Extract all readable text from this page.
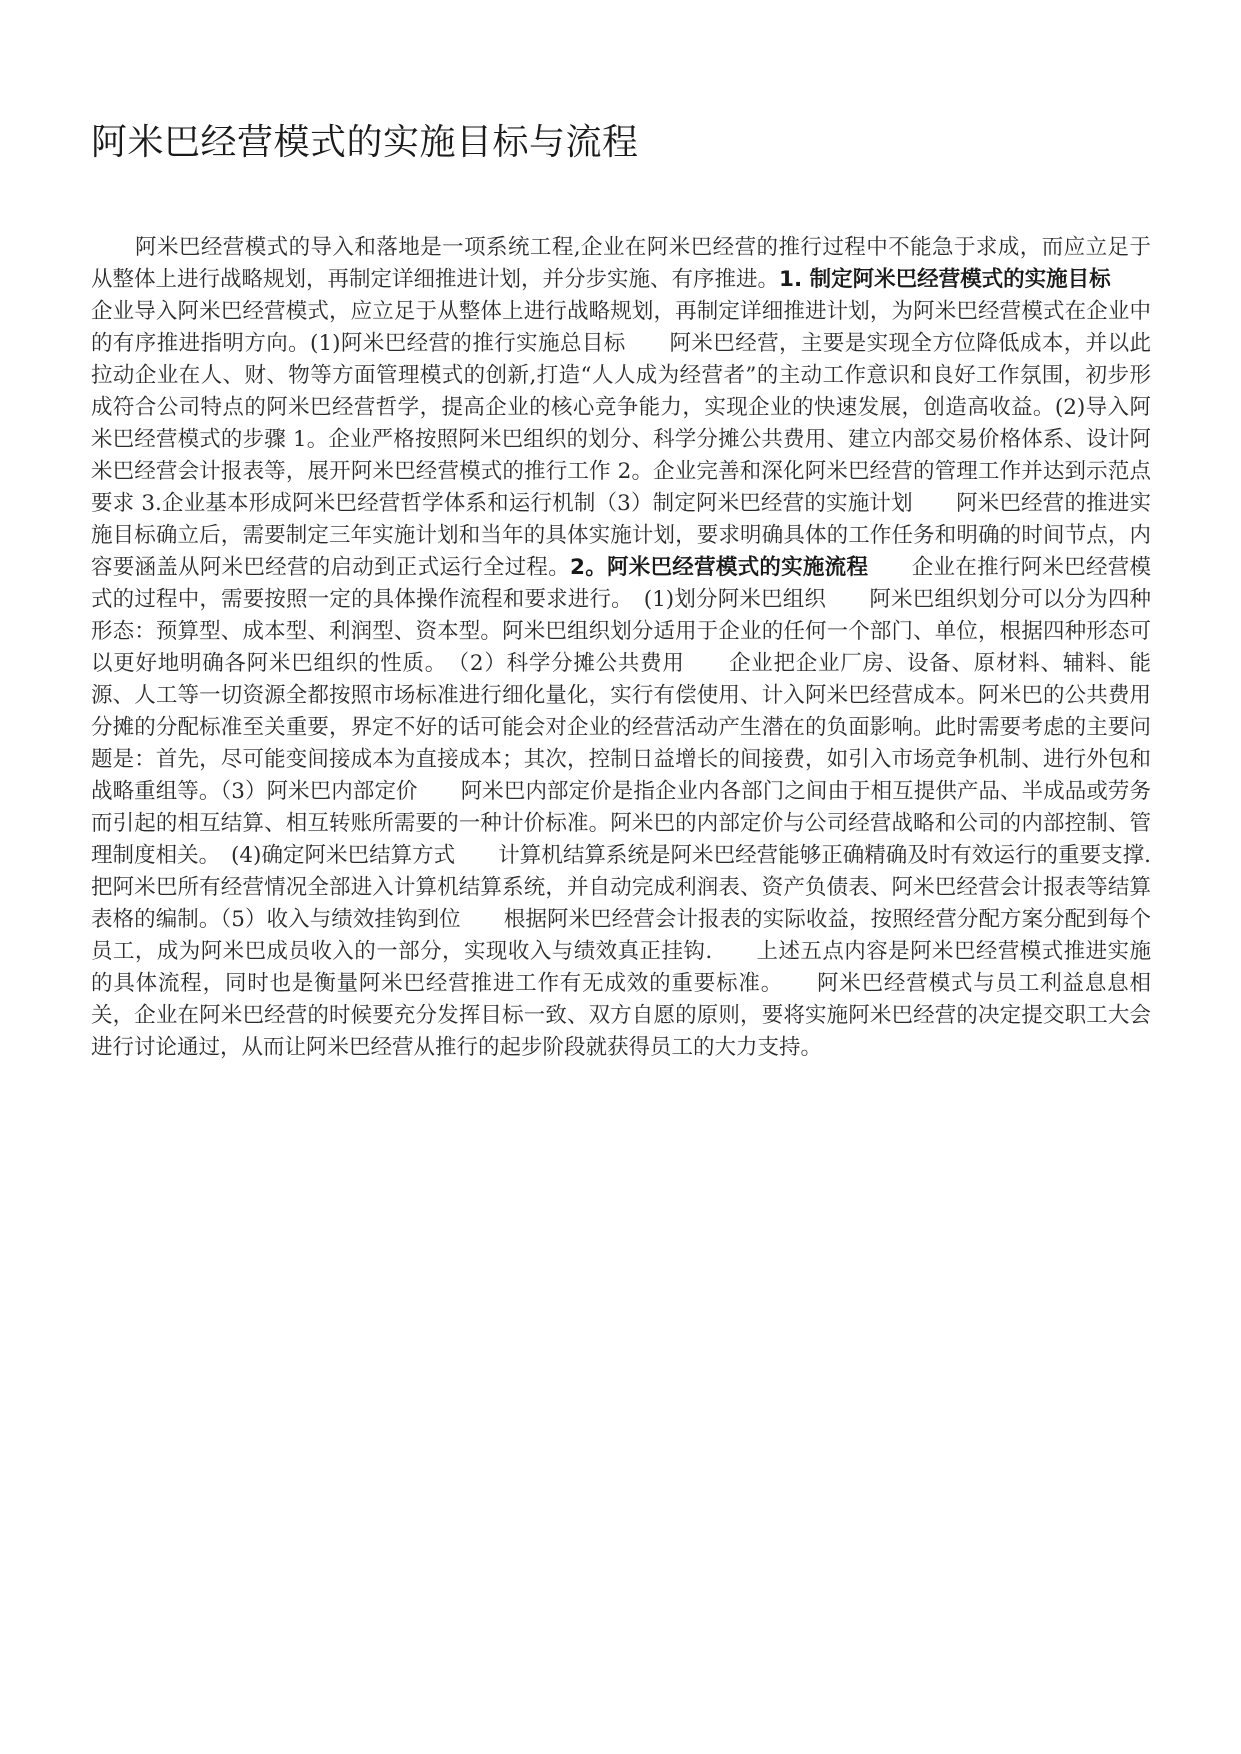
阿米巴经营模式的实施目标与流程

阿米巴经营模式的导入和落地是一项系统工程,企业在阿米巴经营的推行过程中不能急于求成，而应立足于从整体上进行战略规划，再制定详细推进计划，并分步实施、有序推进。1. 制定阿米巴经营模式的实施目标　　企业导入阿米巴经营模式，应立足于从整体上进行战略规划，再制定详细推进计划，为阿米巴经营模式在企业中的有序推进指明方向。(1)阿米巴经营的推行实施总目标　　阿米巴经营，主要是实现全方位降低成本，并以此拉动企业在人、财、物等方面管理模式的创新,打造“人人成为经营者”的主动工作意识和良好工作氛围，初步形成符合公司特点的阿米巴经营哲学，提高企业的核心竞争能力，实现企业的快速发展，创造高收益。(2)导入阿米巴经营模式的步骤 1。企业严格按照阿米巴组织的划分、科学分摊公共费用、建立内部交易价格体系、设计阿米巴经营会计报表等，展开阿米巴经营模式的推行工作 2。企业完善和深化阿米巴经营的管理工作并达到示范点要求 3.企业基本形成阿米巴经营哲学体系和运行机制（3）制定阿米巴经营的实施计划　　阿米巴经营的推进实施目标确立后，需要制定三年实施计划和当年的具体实施计划，要求明确具体的工作任务和明确的时间节点，内容要涵盖从阿米巴经营的启动到正式运行全过程。2。阿米巴经营模式的实施流程　　企业在推行阿米巴经营模式的过程中，需要按照一定的具体操作流程和要求进行。　(1)划分阿米巴组织　　阿米巴组织划分可以分为四种形态：预算型、成本型、利润型、资本型。阿米巴组织划分适用于企业的任何一个部门、单位，根据四种形态可以更好地明确各阿米巴组织的性质。　（2）科学分摊公共费用　　企业把企业厂房、设备、原材料、辅料、能源、人工等一切资源全都按照市场标准进行细化量化，实行有偿使用、计入阿米巴经营成本。阿米巴的公共费用分摊的分配标准至关重要，界定不好的话可能会对企业的经营活动产生潜在的负面影响。此时需要考虑的主要问题是：首先，尽可能变间接成本为直接成本；其次，控制日益增长的间接费，如引入市场竞争机制、进行外包和战略重组等。（3）阿米巴内部定价　　阿米巴内部定价是指企业内各部门之间由于相互提供产品、半成品或劳务而引起的相互结算、相互转账所需要的一种计价标准。阿米巴的内部定价与公司经营战略和公司的内部控制、管理制度相关。　(4)确定阿米巴结算方式　　计算机结算系统是阿米巴经营能够正确精确及时有效运行的重要支撑.把阿米巴所有经营情况全部进入计算机结算系统，并自动完成利润表、资产负债表、阿米巴经营会计报表等结算表格的编制。（5）收入与绩效挂钩到位　　根据阿米巴经营会计报表的实际收益，按照经营分配方案分配到每个员工，成为阿米巴成员收入的一部分，实现收入与绩效真正挂钩.　　上述五点内容是阿米巴经营模式推进实施的具体流程，同时也是衡量阿米巴经营推进工作有无成效的重要标准。　　阿米巴经营模式与员工利益息息相关，企业在阿米巴经营的时候要充分发挥目标一致、双方自愿的原则，要将实施阿米巴经营的决定提交职工大会进行讨论通过，从而让阿米巴经营从推行的起步阶段就获得员工的大力支持。
